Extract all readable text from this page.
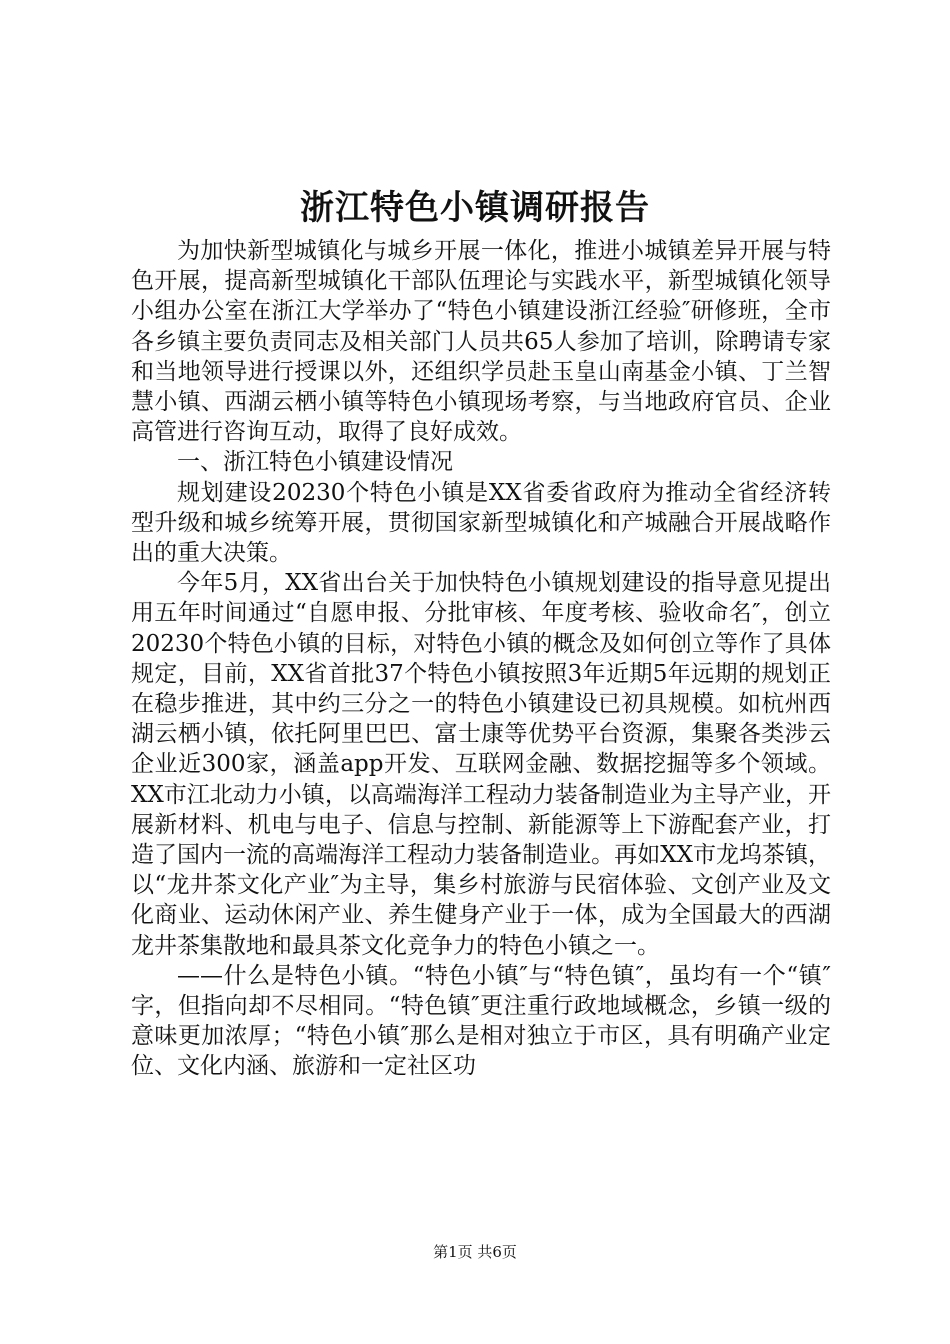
浙江特色小镇调研报告

为加快新型城镇化与城乡开展一体化，推进小城镇差异开展与特色开展，提高新型城镇化干部队伍理论与实践水平，新型城镇化领导小组办公室在浙江大学举办了“特色小镇建设浙江经验″研修班，全市各乡镇主要负责同志及相关部门人员共65人参加了培训，除聘请专家和当地领导进行授课以外，还组织学员赴玉皇山南基金小镇、丁兰智慧小镇、西湖云栖小镇等特色小镇现场考察，与当地政府官员、企业高管进行咨询互动，取得了良好成效。

一、浙江特色小镇建设情况

规划建设20230个特色小镇是XX省委省政府为推动全省经济转型升级和城乡统筹开展，贯彻国家新型城镇化和产城融合开展战略作出的重大决策。

今年5月，XX省出台关于加快特色小镇规划建设的指导意见提出用五年时间通过“自愿申报、分批审核、年度考核、验收命名″，创立20230个特色小镇的目标，对特色小镇的概念及如何创立等作了具体规定，目前，XX省首批37个特色小镇按照3年近期5年远期的规划正在稳步推进，其中约三分之一的特色小镇建设已初具规模。如杭州西湖云栖小镇，依托阿里巴巴、富士康等优势平台资源，集聚各类涉云企业近300家，涵盖app开发、互联网金融、数据挖掘等多个领域。XX市江北动力小镇，以高端海洋工程动力装备制造业为主导产业，开展新材料、机电与电子、信息与控制、新能源等上下游配套产业，打造了国内一流的高端海洋工程动力装备制造业。再如XX市龙坞茶镇，以“龙井茶文化产业″为主导，集乡村旅游与民宿体验、文创产业及文化商业、运动休闲产业、养生健身产业于一体，成为全国最大的西湖龙井茶集散地和最具茶文化竞争力的特色小镇之一。

——什么是特色小镇。“特色小镇″与“特色镇″，虽均有一个“镇″字，但指向却不尽相同。“特色镇″更注重行政地域概念，乡镇一级的意味更加浓厚；“特色小镇″那么是相对独立于市区，具有明确产业定位、文化内涵、旅游和一定社区功

第1页 共6页
